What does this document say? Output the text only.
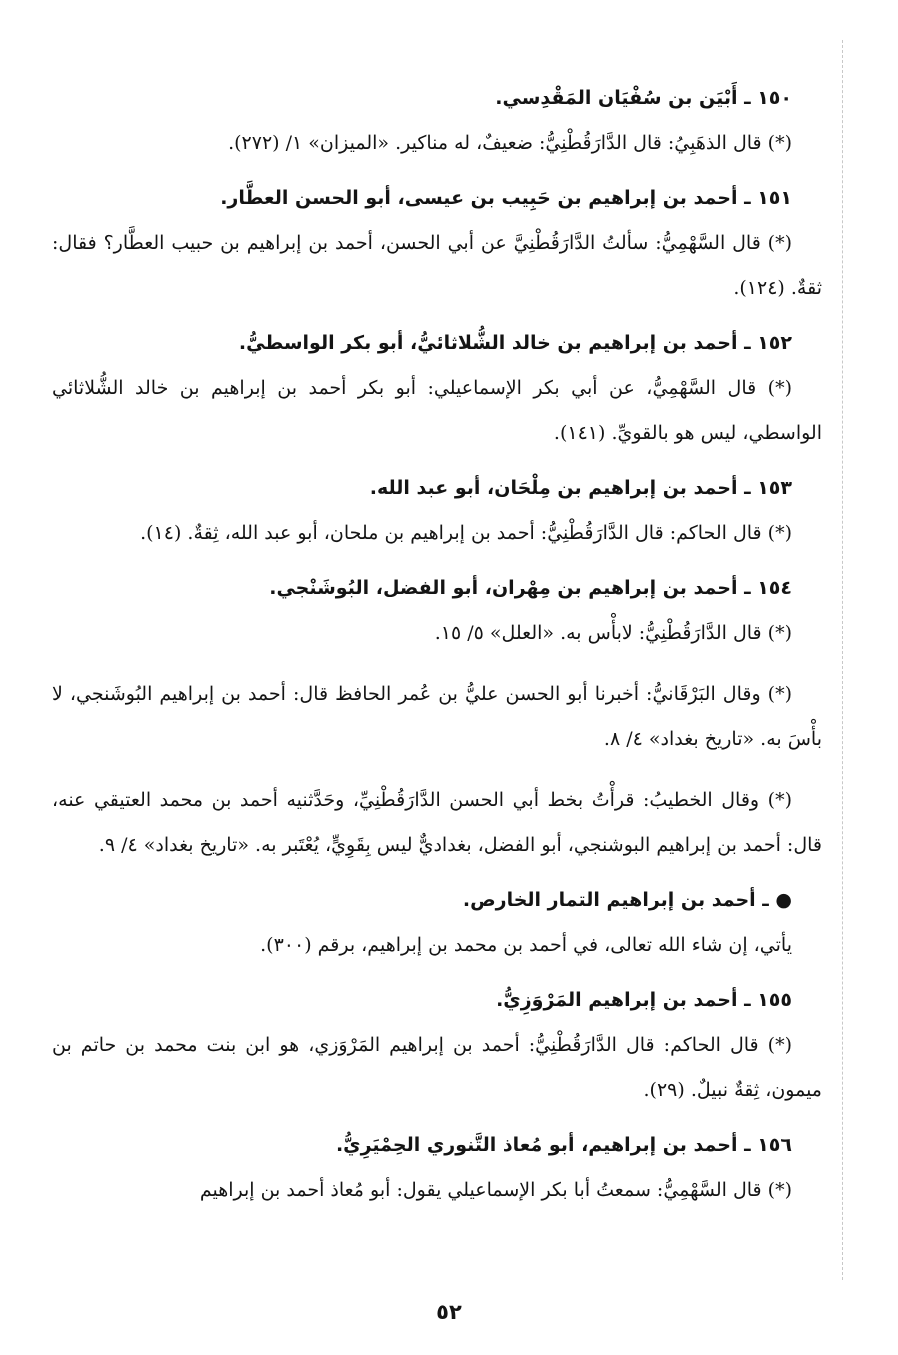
١٥٠ ـ أَبْيَن بن سُفْيَان المَقْدِسي.

(*) قال الذهَبِيُ: قال الدَّارَقُطْنِيُّ: ضعيفٌ، له مناكير. «الميزان» ١/ (٢٧٢).

١٥١ ـ أحمد بن إبراهيم بن حَبِيب بن عيسى، أبو الحسن العطَّار.

(*) قال السَّهْمِيُّ: سألتُ الدَّارَقُطْنِيَّ عن أبي الحسن، أحمد بن إبراهيم بن حبيب العطَّار؟ فقال: ثقةٌ. (١٢٤).

١٥٢ ـ أحمد بن إبراهيم بن خالد الشُّلاثائيُّ، أبو بكر الواسطيُّ.

(*) قال السَّهْمِيُّ، عن أبي بكر الإسماعيلي: أبو بكر أحمد بن إبراهيم بن خالد الشُّلاثائي الواسطي، ليس هو بالقويِّ. (١٤١).

١٥٣ ـ أحمد بن إبراهيم بن مِلْحَان، أبو عبد الله.

(*) قال الحاكم: قال الدَّارَقُطْنِيُّ: أحمد بن إبراهيم بن ملحان، أبو عبد الله، ثِقةٌ. (١٤).

١٥٤ ـ أحمد بن إبراهيم بن مِهْران، أبو الفضل، البُوشَنْجي.

(*) قال الدَّارَقُطْنِيُّ: لابأْس به. «العلل» ٥/ ١٥.

(*) وقال البَرْقَانيُّ: أخبرنا أبو الحسن عليُّ بن عُمر الحافظ قال: أحمد بن إبراهيم البُوشَنجي، لا بأْسَ به. «تاريخ بغداد» ٤/ ٨.

(*) وقال الخطيبُ: قرأْتُ بخط أبي الحسن الدَّارَقُطْنِيِّ، وحَدَّثنيه أحمد بن محمد العتيقي عنه، قال: أحمد بن إبراهيم البوشنجي، أبو الفضل، بغداديٌّ ليس بِقَوِيٍّ، يُعْتَبر به. «تاريخ بغداد» ٤/ ٩.

● ـ أحمد بن إبراهيم التمار الخارص.

يأتي، إن شاء الله تعالى، في أحمد بن محمد بن إبراهيم، برقم (٣٠٠).

١٥٥ ـ أحمد بن إبراهيم المَرْوَزِيُّ.

(*) قال الحاكم: قال الدَّارَقُطْنِيُّ: أحمد بن إبراهيم المَرْوَزي، هو ابن بنت محمد بن حاتم بن ميمون، ثِقةٌ نبيلٌ. (٢٩).

١٥٦ ـ أحمد بن إبراهيم، أبو مُعاذ التَّنوري الحِمْيَرِيُّ.

(*) قال السَّهْمِيُّ: سمعتُ أبا بكر الإسماعيلي يقول: أبو مُعاذ أحمد بن إبراهيم

٥٢
